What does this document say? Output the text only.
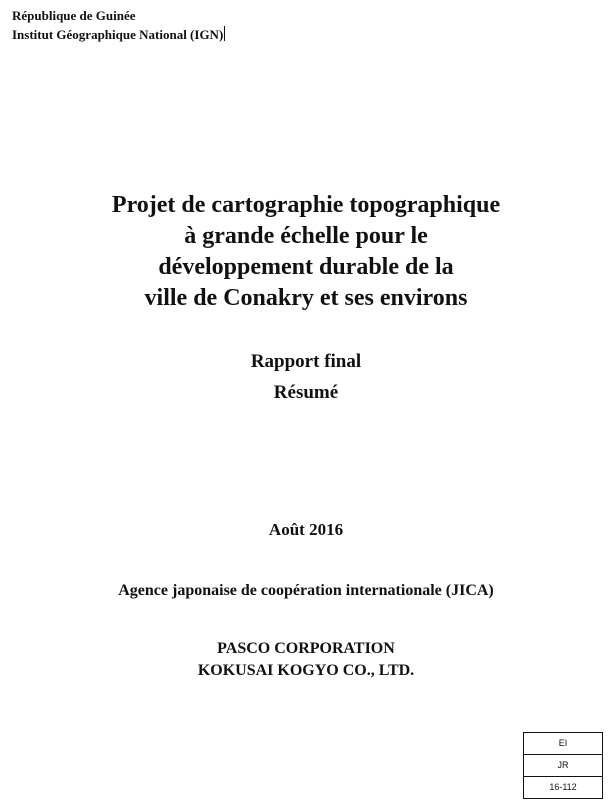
République de Guinée
Institut Géographique National (IGN)
Projet de cartographie topographique
à grande échelle pour le
développement durable de la
ville de Conakry et ses environs
Rapport final
Résumé
Août 2016
Agence japonaise de coopération internationale (JICA)
PASCO CORPORATION
KOKUSAI KOGYO CO., LTD.
EI
JR
16-112
